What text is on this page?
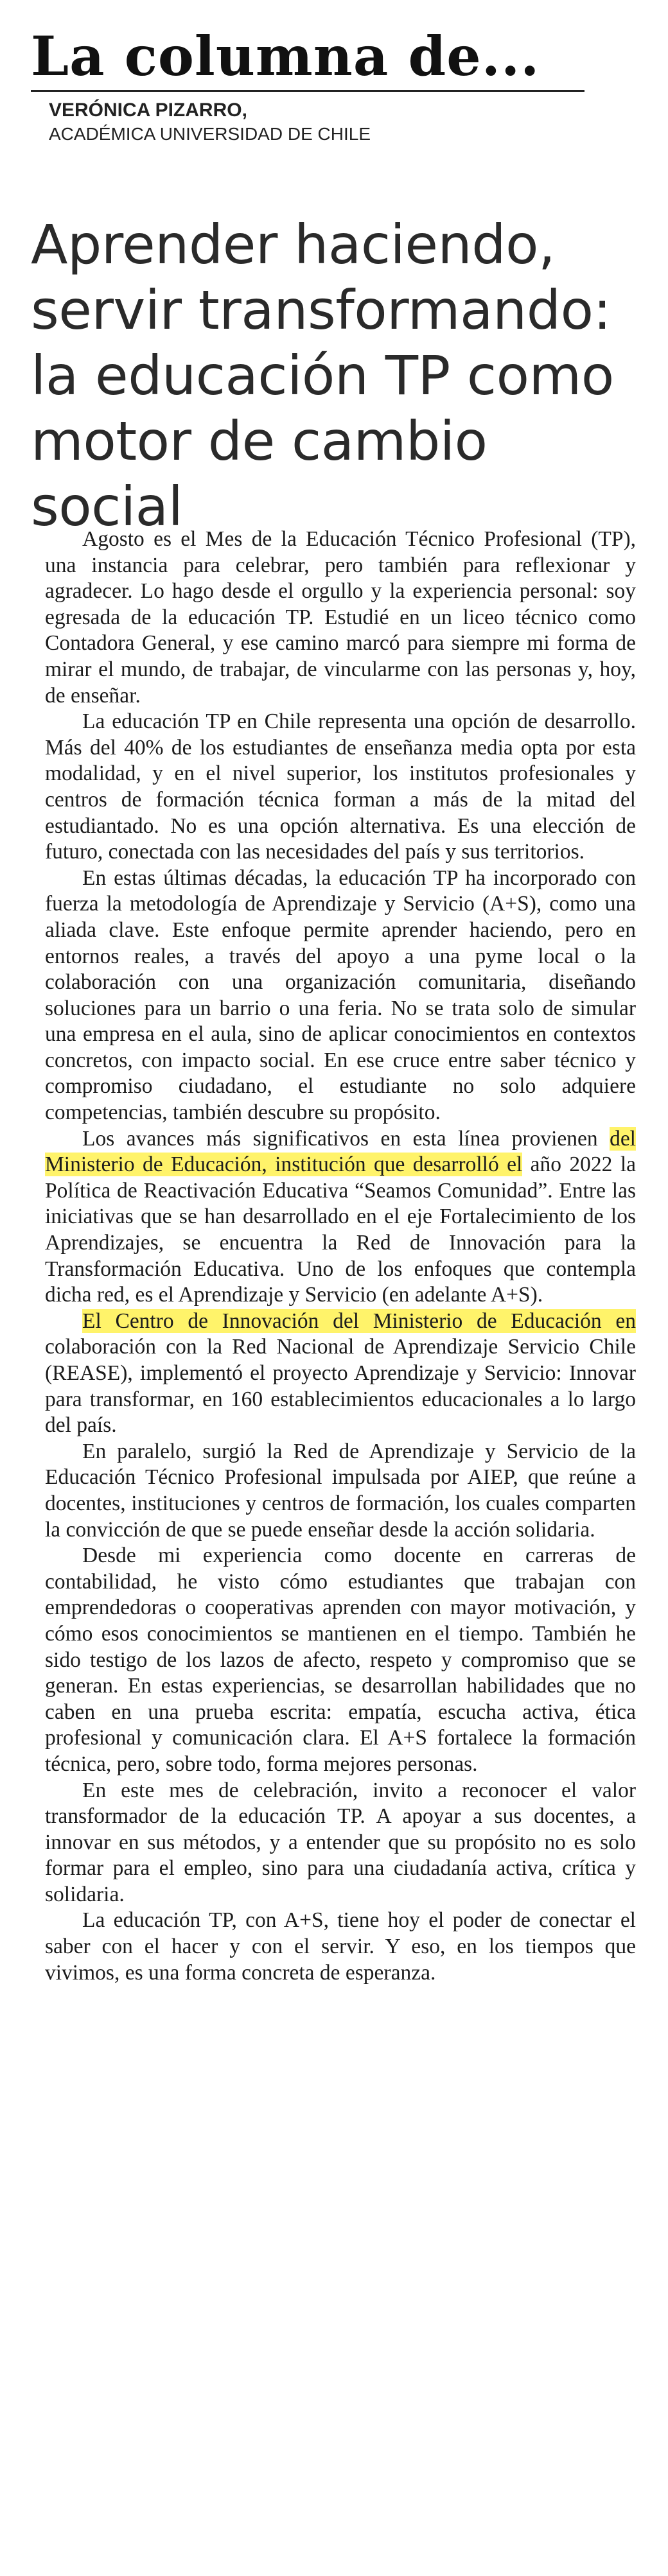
La columna de...

VERÓNICA PIZARRO,

ACADÉMICA UNIVERSIDAD DE CHILE

Aprender haciendo, servir transformando: la educación TP como motor de cambio social

Agosto es el Mes de la Educación Técnico Profesional (TP), una instancia para celebrar, pero también para reflexionar y agradecer. Lo hago desde el orgullo y la experiencia personal: soy egresada de la educación TP. Estudié en un liceo técnico como Contadora General, y ese camino marcó para siempre mi forma de mirar el mundo, de trabajar, de vincularme con las personas y, hoy, de enseñar.

La educación TP en Chile representa una opción de desarrollo. Más del 40% de los estudiantes de enseñanza media opta por esta modalidad, y en el nivel superior, los institutos profesionales y centros de formación técnica forman a más de la mitad del estudiantado. No es una opción alternativa. Es una elección de futuro, conectada con las necesidades del país y sus territorios.

En estas últimas décadas, la educación TP ha incorporado con fuerza la metodología de Aprendizaje y Servicio (A+S), como una aliada clave. Este enfoque permite aprender haciendo, pero en entornos reales, a través del apoyo a una pyme local o la colaboración con una organización comunitaria, diseñando soluciones para un barrio o una feria. No se trata solo de simular una empresa en el aula, sino de aplicar conocimientos en contextos concretos, con impacto social. En ese cruce entre saber técnico y compromiso ciudadano, el estudiante no solo adquiere competencias, también descubre su propósito.

Los avances más significativos en esta línea provienen del Ministerio de Educación, institución que desarrolló el año 2022 la Política de Reactivación Educativa “Seamos Comunidad”. Entre las iniciativas que se han desarrollado en el eje Fortalecimiento de los Aprendizajes, se encuentra la Red de Innovación para la Transformación Educativa. Uno de los enfoques que contempla dicha red, es el Aprendizaje y Servicio (en adelante A+S).

El Centro de Innovación del Ministerio de Educación en colaboración con la Red Nacional de Aprendizaje Servicio Chile (REASE), implementó el proyecto Aprendizaje y Servicio: Innovar para transformar, en 160 establecimientos educacionales a lo largo del país.

En paralelo, surgió la Red de Aprendizaje y Servicio de la Educación Técnico Profesional impulsada por AIEP, que reúne a docentes, instituciones y centros de formación, los cuales comparten la convicción de que se puede enseñar desde la acción solidaria.

Desde mi experiencia como docente en carreras de contabilidad, he visto cómo estudiantes que trabajan con emprendedoras o cooperativas aprenden con mayor motivación, y cómo esos conocimientos se mantienen en el tiempo. También he sido testigo de los lazos de afecto, respeto y compromiso que se generan. En estas experiencias, se desarrollan habilidades que no caben en una prueba escrita: empatía, escucha activa, ética profesional y comunicación clara. El A+S fortalece la formación técnica, pero, sobre todo, forma mejores personas.

En este mes de celebración, invito a reconocer el valor transformador de la educación TP. A apoyar a sus docentes, a innovar en sus métodos, y a entender que su propósito no es solo formar para el empleo, sino para una ciudadanía activa, crítica y solidaria.

La educación TP, con A+S, tiene hoy el poder de conectar el saber con el hacer y con el servir. Y eso, en los tiempos que vivimos, es una forma concreta de esperanza.
